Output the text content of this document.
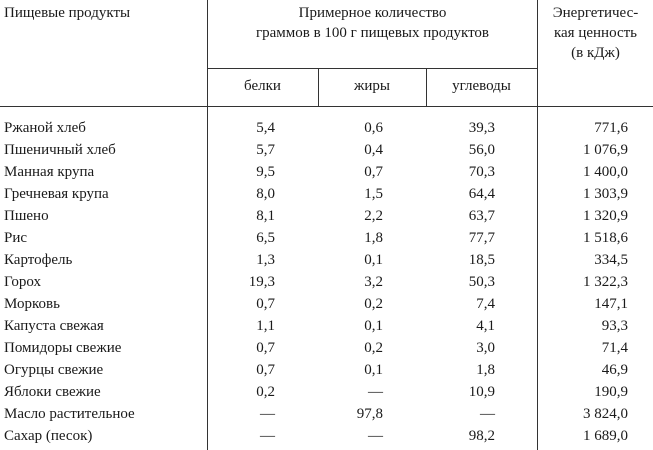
Пищевые продукты	Примерное количество
граммов в 100 г пищевых продуктов
Энергетичес-
кая ценность
(в кДж)
белки	жиры	углеводы
Ржаной хлеб	5,4	0,6	39,3	771,6
Пшеничный хлеб	5,7	0,4	56,0	1 076,9
Манная крупа	9,5	0,7	70,3	1 400,0
Гречневая крупа	8,0	1,5	64,4	1 303,9
Пшено	8,1	2,2	63,7	1 320,9
Рис	6,5	1,8	77,7	1 518,6
Картофель	1,3	0,1	18,5	334,5
Горох	19,3	3,2	50,3	1 322,3
Морковь	0,7	0,2	7,4	147,1
Капуста свежая	1,1	0,1	4,1	93,3
Помидоры свежие	0,7	0,2	3,0	71,4
Огурцы свежие	0,7	0,1	1,8	46,9
Яблоки свежие	0,2	—	10,9	190,9
Масло растительное	—	97,8	—	3 824,0
Сахар (песок)	—	—	98,2	1 689,0
